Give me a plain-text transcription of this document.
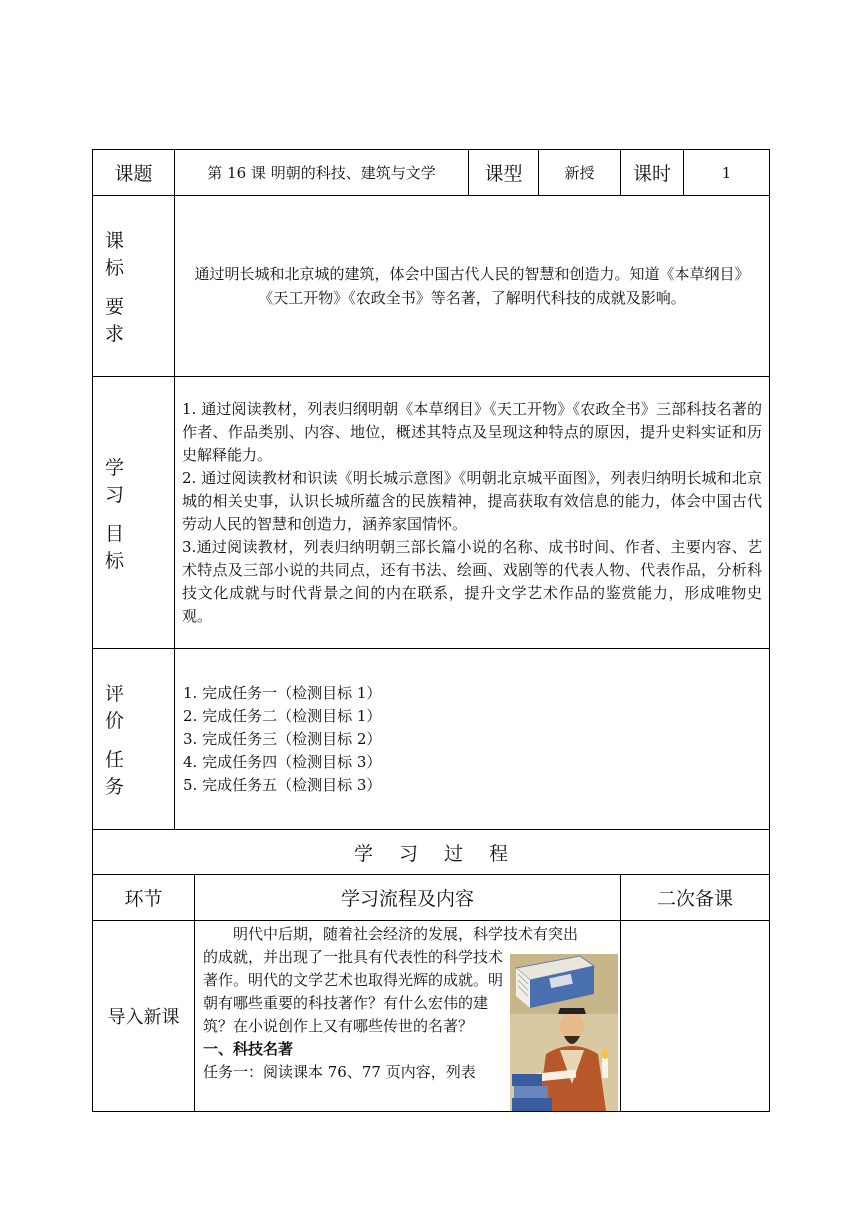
课题	第 16 课 明朝的科技、建筑与文学		课型	新授	课时	1

课 标
要 求	通过明长城和北京城的建筑，体会中国古代人民的智慧和创造力。知道《本草纲目》《天工开物》《农政全书》等名著，了解明代科技的成就及影响。					

学 习
目 标	1. 通过阅读教材，列表归纲明朝《本草纲目》《天工开物》《农政全书》三部科技名著的作者、作品类别、内容、地位，概述其特点及呈现这种特点的原因，提升史料实证和历史解释能力。
2. 通过阅读教材和识读《明长城示意图》《明朝北京城平面图》，列表归纳明长城和北京城的相关史事，认识长城所蕴含的民族精神，提高获取有效信息的能力，体会中国古代劳动人民的智慧和创造力，涵养家国情怀。
3.通过阅读教材，列表归纳明朝三部长篇小说的名称、成书时间、作者、主要内容、艺术特点及三部小说的共同点，还有书法、绘画、戏剧等的代表人物、代表作品，分析科技文化成就与时代背景之间的内在联系，提升文学艺术作品的鉴赏能力，形成唯物史观。					

评 价
任 务	1. 完成任务一（检测目标 1）
2. 完成任务二（检测目标 1）
3. 完成任务三（检测目标 2）
4. 完成任务四（检测目标 3）
5. 完成任务五（检测目标 3）					

学习过程						

环节		学习流程及内容			二次备课	
导入新课		明代中后期，随着社会经济的发展，科学技术有突出

的成就，并出现了一批具有代表性的科学技术著作。明代的文学艺术也取得光辉的成就。明朝有哪些重要的科技著作？有什么宏伟的建筑？在小说创作上又有哪些传世的名著？

一、科技名著

任务一：阅读课本 76、77 页内容，列表				
